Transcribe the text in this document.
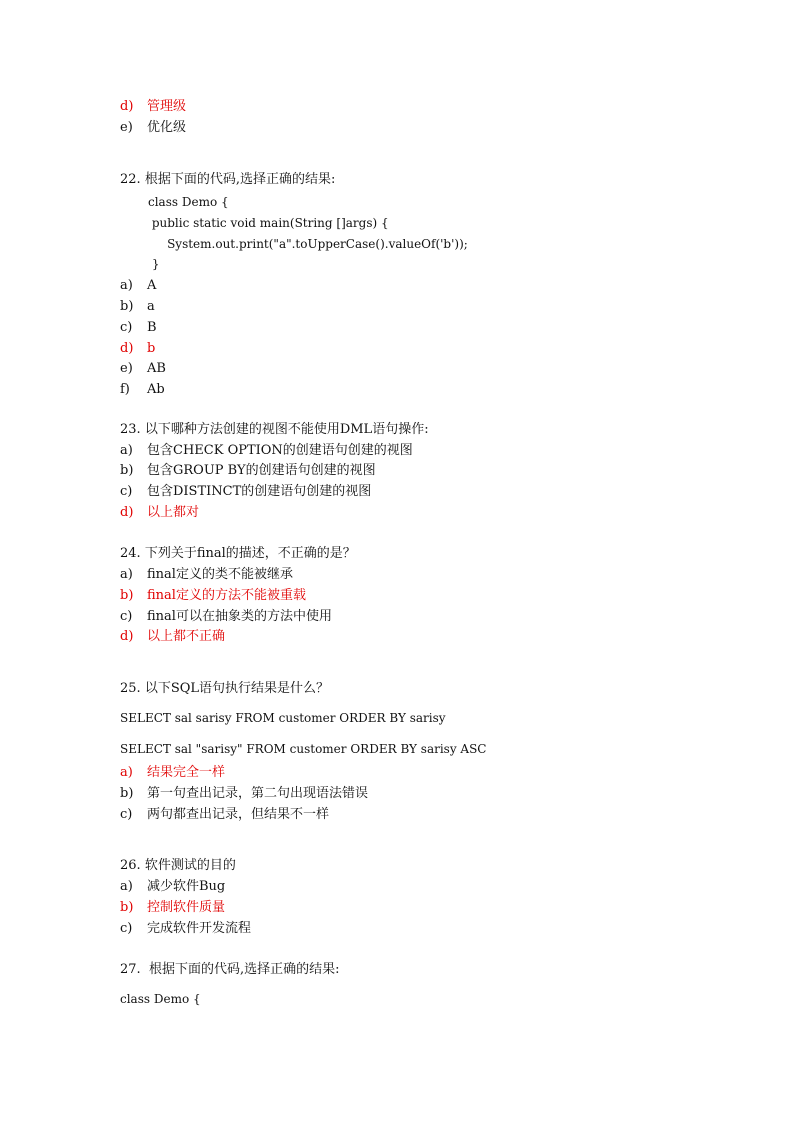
d) 管理级
e) 优化级
22. 根据下面的代码,选择正确的结果:
class Demo {
public static void main(String []args) {
System.out.print("a".toUpperCase().valueOf('b'));
}
a) A
b) a
c) B
d) b
e) AB
f) Ab
23. 以下哪种方法创建的视图不能使用DML语句操作:
a) 包含CHECK OPTION的创建语句创建的视图
b) 包含GROUP BY的创建语句创建的视图
c) 包含DISTINCT的创建语句创建的视图
d) 以上都对
24. 下列关于final的描述，不正确的是？
a) final定义的类不能被继承
b) final定义的方法不能被重载
c) final可以在抽象类的方法中使用
d) 以上都不正确
25. 以下SQL语句执行结果是什么？
SELECT sal sarisy FROM customer ORDER BY sarisy
SELECT sal "sarisy" FROM customer ORDER BY sarisy ASC
a) 结果完全一样
b) 第一句查出记录，第二句出现语法错误
c) 两句都查出记录，但结果不一样
26. 软件测试的目的
a) 减少软件Bug
b) 控制软件质量
c) 完成软件开发流程
27.  根据下面的代码,选择正确的结果:
class Demo {
